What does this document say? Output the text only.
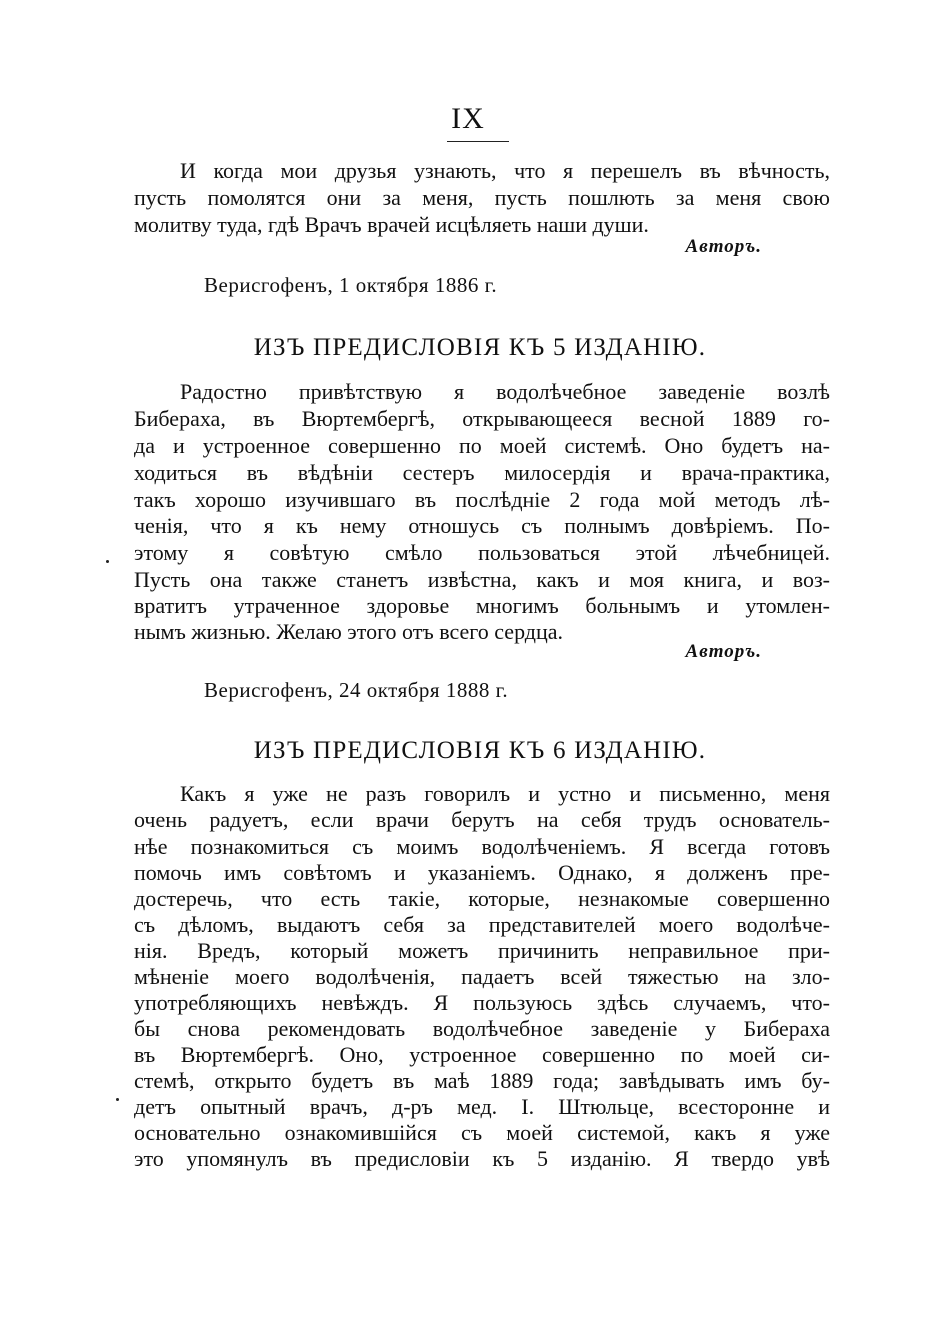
IX
И когда мои друзья узнають, что я перешелъ въ вѣчность,
пусть помолятся они за меня, пусть пошлють за меня свою
молитву туда, гдѣ Врачъ врачей исцѣляеть наши души.
Авторъ.
Верисгофенъ, 1 октября 1886 г.
ИЗЪ ПРЕДИСЛОВІЯ КЪ 5 ИЗДАНІЮ.
Радостно привѣтствую я водолѣчебное заведеніе возлѣ
Бибераха, въ Вюртембергѣ, открывающееся весной 1889 го-
да и устроенное совершенно по моей системѣ. Оно будетъ на-
ходиться въ вѣдѣніи сестеръ милосердія и врача-практика,
такъ хорошо изучившаго въ послѣдніе 2 года мой методъ лѣ-
ченія, что я къ нему отношусь съ полнымъ довѣріемъ. По-
этому я совѣтую смѣло пользоваться этой лѣчебницей.
Пусть она также станетъ извѣстна, какъ и моя книга, и воз-
вратитъ утраченное здоровье многимъ больнымъ и утомлен-
нымъ жизнью. Желаю этого отъ всего сердца.
Авторъ.
Верисгофенъ, 24 октября 1888 г.
ИЗЪ ПРЕДИСЛОВІЯ КЪ 6 ИЗДАНІЮ.
Какъ я уже не разъ говорилъ и устно и письменно, меня
очень радуетъ, если врачи берутъ на себя трудъ основатель-
нѣе познакомиться съ моимъ водолѣченіемъ. Я всегда готовъ
помочь имъ совѣтомъ и указаніемъ. Однако, я долженъ пре-
достеречь, что есть такіе, которые, незнакомые совершенно
съ дѣломъ, выдаютъ себя за представителей моего водолѣче-
нія. Вредъ, который можетъ причинить неправильное при-
мѣненіе моего водолѣченія, падаетъ всей тяжестью на зло-
употребляющихъ невѣждъ. Я пользуюсь здѣсь случаемъ, что-
бы снова рекомендовать водолѣчебное заведеніе у Бибераха
въ Вюртембергѣ. Оно, устроенное совершенно по моей си-
стемѣ, открыто будетъ въ маѣ 1889 года; завѣдывать имъ бу-
детъ опытный врачъ, д-ръ мед. І. Штюльце, всесторонне и
основательно ознакомившійся съ моей системой, какъ я уже
это упомянулъ въ предисловіи къ 5 изданію. Я твердо увѣ
